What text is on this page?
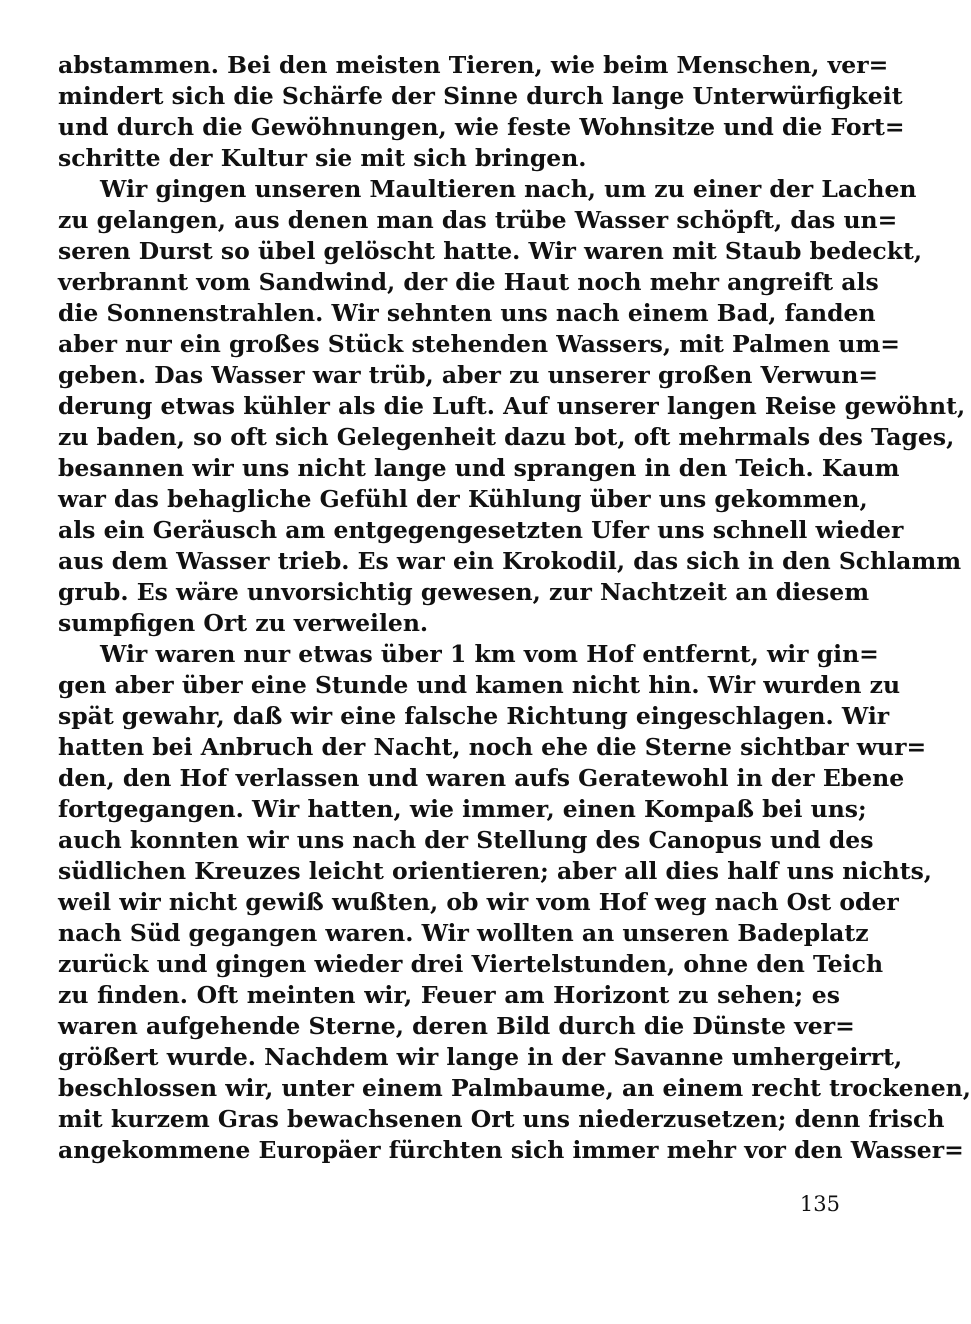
abstammen. Bei den meisten Tieren, wie beim Menschen, ver=
mindert sich die Schärfe der Sinne durch lange Unterwürfigkeit
und durch die Gewöhnungen, wie feste Wohnsitze und die Fort=
schritte der Kultur sie mit sich bringen.
Wir gingen unseren Maultieren nach, um zu einer der Lachen
zu gelangen, aus denen man das trübe Wasser schöpft, das un=
seren Durst so übel gelöscht hatte. Wir waren mit Staub bedeckt,
verbrannt vom Sandwind, der die Haut noch mehr angreift als
die Sonnenstrahlen. Wir sehnten uns nach einem Bad, fanden
aber nur ein großes Stück stehenden Wassers, mit Palmen um=
geben. Das Wasser war trüb, aber zu unserer großen Verwun=
derung etwas kühler als die Luft. Auf unserer langen Reise gewöhnt,
zu baden, so oft sich Gelegenheit dazu bot, oft mehrmals des Tages,
besannen wir uns nicht lange und sprangen in den Teich. Kaum
war das behagliche Gefühl der Kühlung über uns gekommen,
als ein Geräusch am entgegengesetzten Ufer uns schnell wieder
aus dem Wasser trieb. Es war ein Krokodil, das sich in den Schlamm
grub. Es wäre unvorsichtig gewesen, zur Nachtzeit an diesem
sumpfigen Ort zu verweilen.
Wir waren nur etwas über 1 km vom Hof entfernt, wir gin=
gen aber über eine Stunde und kamen nicht hin. Wir wurden zu
spät gewahr, daß wir eine falsche Richtung eingeschlagen. Wir
hatten bei Anbruch der Nacht, noch ehe die Sterne sichtbar wur=
den, den Hof verlassen und waren aufs Geratewohl in der Ebene
fortgegangen. Wir hatten, wie immer, einen Kompaß bei uns;
auch konnten wir uns nach der Stellung des Canopus und des
südlichen Kreuzes leicht orientieren; aber all dies half uns nichts,
weil wir nicht gewiß wußten, ob wir vom Hof weg nach Ost oder
nach Süd gegangen waren. Wir wollten an unseren Badeplatz
zurück und gingen wieder drei Viertelstunden, ohne den Teich
zu finden. Oft meinten wir, Feuer am Horizont zu sehen; es
waren aufgehende Sterne, deren Bild durch die Dünste ver=
größert wurde. Nachdem wir lange in der Savanne umhergeirrt,
beschlossen wir, unter einem Palmbaume, an einem recht trockenen,
mit kurzem Gras bewachsenen Ort uns niederzusetzen; denn frisch
angekommene Europäer fürchten sich immer mehr vor den Wasser=
135
